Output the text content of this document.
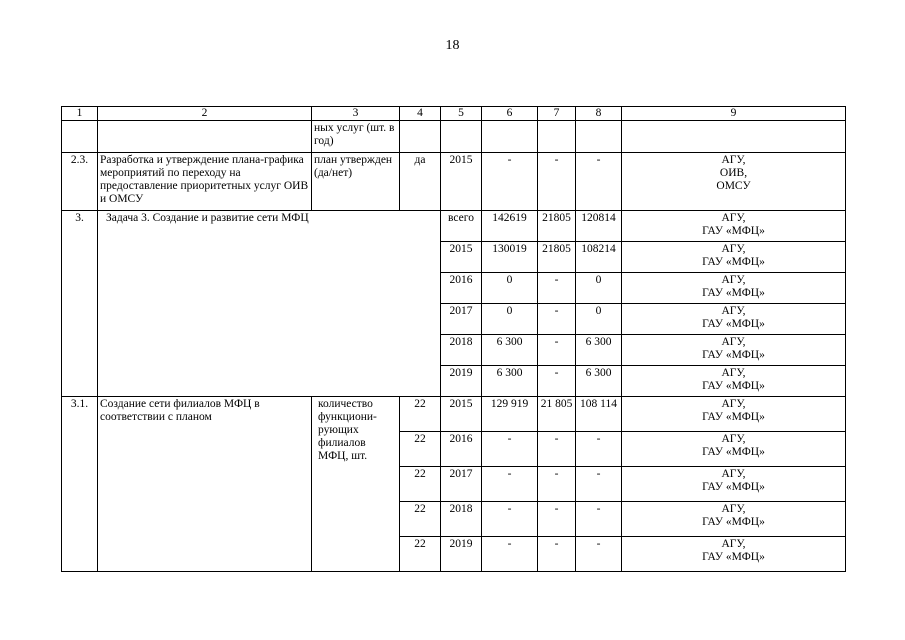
18
1	2	3	4	5	6	7	8	9
		ных услуг (шт. в год)						
2.3.	Разработка и утверждение плана-графика мероприятий по переходу на предоставление приоритетных услуг ОИВ и ОМСУ	план утвержден (да/нет)	да	2015	-	-	-	АГУ,
ОИВ,
ОМСУ
3.	Задача 3. Создание и развитие сети МФЦ			всего	142619	21805	120814	АГУ,
ГАУ «МФЦ»
				2015	130019	21805	108214	АГУ,
ГАУ «МФЦ»
				2016	0	-	0	АГУ,
ГАУ «МФЦ»
				2017	0	-	0	АГУ,
ГАУ «МФЦ»
				2018	6 300	-	6 300	АГУ,
ГАУ «МФЦ»
				2019	6 300	-	6 300	АГУ,
ГАУ «МФЦ»
3.1.	Создание сети филиалов МФЦ в соответствии с планом	количество функциони-рующих филиалов МФЦ, шт.	22	2015	129 919	21 805	108 114	АГУ,
ГАУ «МФЦ»
			22	2016	-	-	-	АГУ,
ГАУ «МФЦ»
			22	2017	-	-	-	АГУ,
ГАУ «МФЦ»
			22	2018	-	-	-	АГУ,
ГАУ «МФЦ»
			22	2019	-	-	-	АГУ,
ГАУ «МФЦ»
